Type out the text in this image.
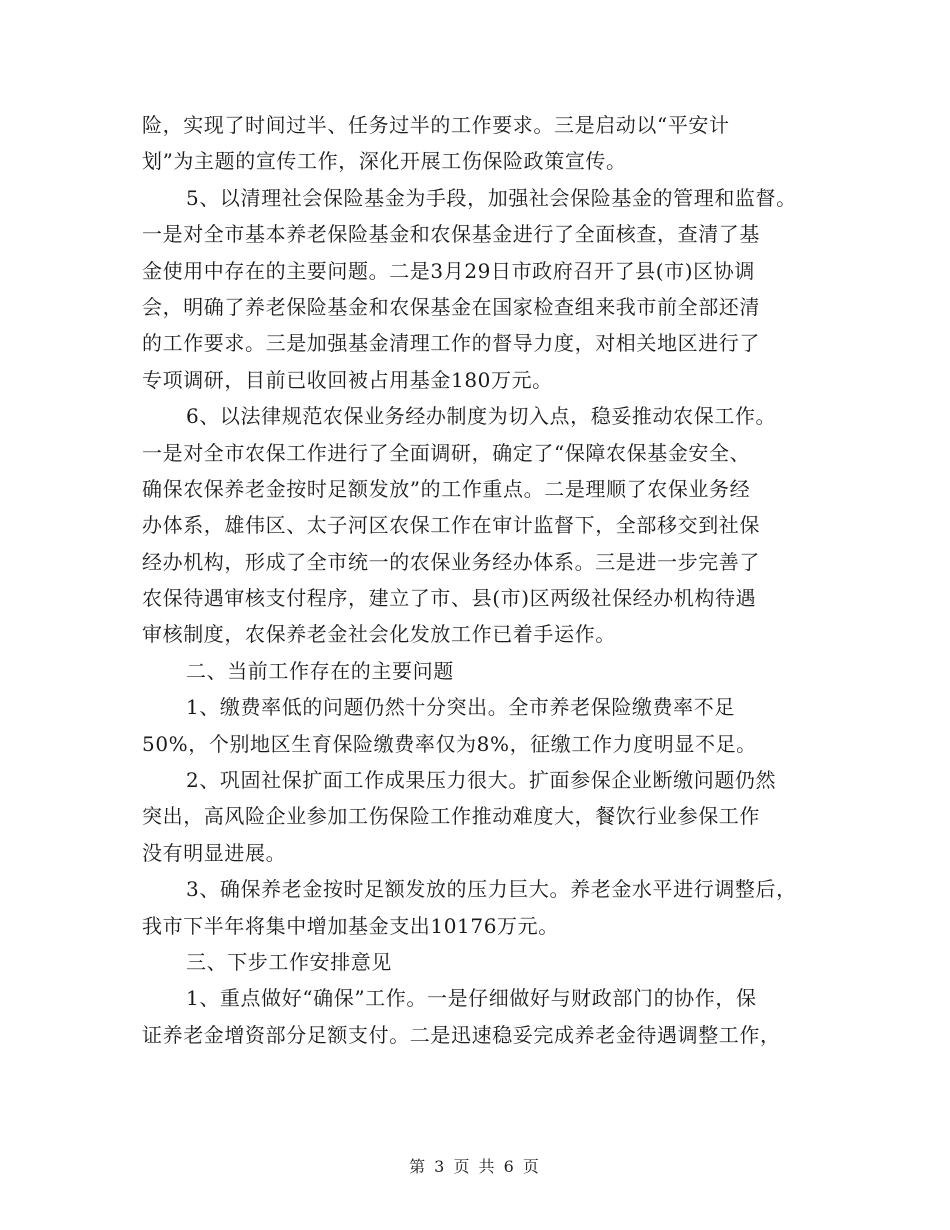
险，实现了时间过半、任务过半的工作要求。三是启动以“平安计
划”为主题的宣传工作，深化开展工伤保险政策宣传。
5、以清理社会保险基金为手段，加强社会保险基金的管理和监督。
一是对全市基本养老保险基金和农保基金进行了全面核查，查清了基
金使用中存在的主要问题。二是3月29日市政府召开了县(市)区协调
会，明确了养老保险基金和农保基金在国家检查组来我市前全部还清
的工作要求。三是加强基金清理工作的督导力度，对相关地区进行了
专项调研，目前已收回被占用基金180万元。
6、以法律规范农保业务经办制度为切入点，稳妥推动农保工作。
一是对全市农保工作进行了全面调研，确定了“保障农保基金安全、
确保农保养老金按时足额发放”的工作重点。二是理顺了农保业务经
办体系，雄伟区、太子河区农保工作在审计监督下，全部移交到社保
经办机构，形成了全市统一的农保业务经办体系。三是进一步完善了
农保待遇审核支付程序，建立了市、县(市)区两级社保经办机构待遇
审核制度，农保养老金社会化发放工作已着手运作。
二、当前工作存在的主要问题
1、缴费率低的问题仍然十分突出。全市养老保险缴费率不足
50%，个别地区生育保险缴费率仅为8%，征缴工作力度明显不足。
2、巩固社保扩面工作成果压力很大。扩面参保企业断缴问题仍然
突出，高风险企业参加工伤保险工作推动难度大，餐饮行业参保工作
没有明显进展。
3、确保养老金按时足额发放的压力巨大。养老金水平进行调整后，
我市下半年将集中增加基金支出10176万元。
三、下步工作安排意见
1、重点做好“确保”工作。一是仔细做好与财政部门的协作，保
证养老金增资部分足额支付。二是迅速稳妥完成养老金待遇调整工作，
第 3 页 共 6 页
